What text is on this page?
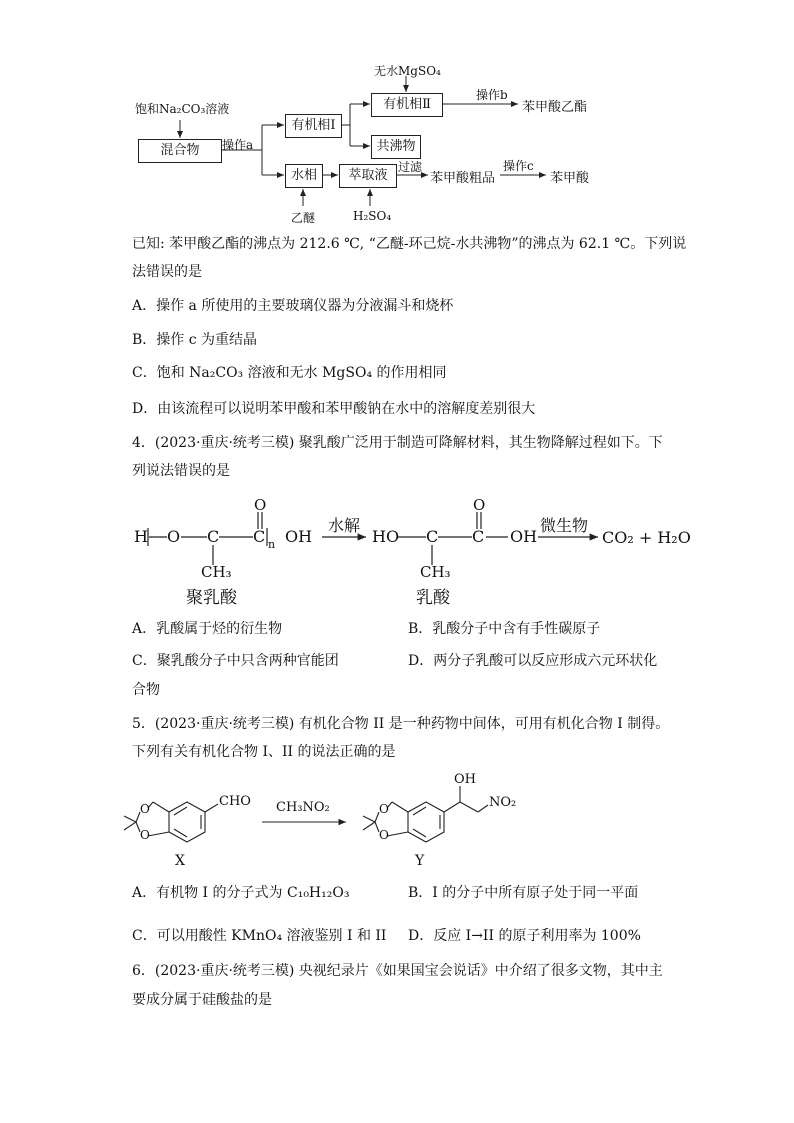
无水MgSO₄
饱和Na₂CO₃溶液
混合物	操作a
有机相Ⅰ
有机相Ⅱ
操作b
苯甲酸乙酯
共沸物
水相	萃取液
过滤
苯甲酸粗品
操作c
苯甲酸
乙醚	H₂SO₄
已知: 苯甲酸乙酯的沸点为 212.6 ℃, “乙醚-环己烷-水共沸物”的沸点为 62.1 ℃。下列说
法错误的是
A．操作 a 所使用的主要玻璃仪器为分液漏斗和烧杯
B．操作 c 为重结晶
C．饱和 Na₂CO₃ 溶液和无水 MgSO₄ 的作用相同
D．由该流程可以说明苯甲酸和苯甲酸钠在水中的溶解度差别很大
4．(2023·重庆·统考三模) 聚乳酸广泛用于制造可降解材料，其生物降解过程如下。下
列说法错误的是
H O C C n OH
CH₃
O
水解
HO C C OH
CH₃
O
微生物
CO₂ + H₂O
聚乳酸	乳酸
A．乳酸属于烃的衍生物	B．乳酸分子中含有手性碳原子
C．聚乳酸分子中只含两种官能团	D．两分子乳酸可以反应形成六元环状化
合物
5．(2023·重庆·统考三模) 有机化合物 II 是一种药物中间体，可用有机化合物 I 制得。
下列有关有机化合物 I、II 的说法正确的是
CHO
O
O
CH₃NO₂
OH
NO₂
O
O
X	Y
A．有机物 I 的分子式为 C₁₀H₁₂O₃	B．I 的分子中所有原子处于同一平面
C．可以用酸性 KMnO₄ 溶液鉴别 I 和 II D．反应 I→II 的原子利用率为 100%
6．(2023·重庆·统考三模) 央视纪录片《如果国宝会说话》中介绍了很多文物，其中主
要成分属于硅酸盐的是
